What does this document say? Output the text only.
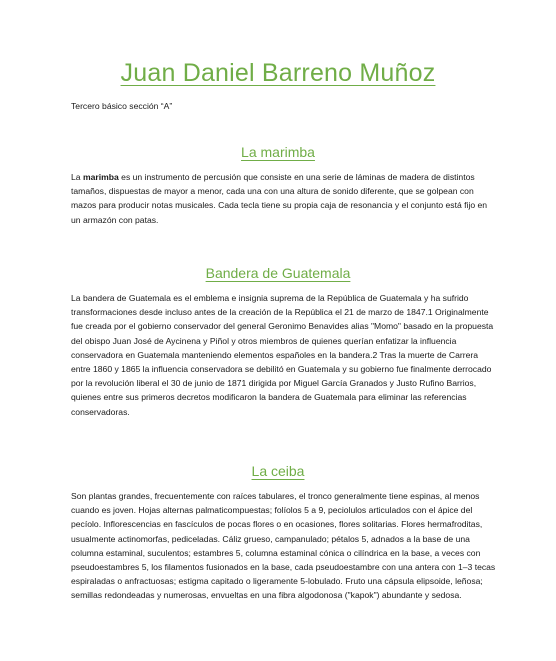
Juan Daniel Barreno Muñoz

Tercero básico sección “A”

La marimba

La marimba es un instrumento de percusión que consiste en una serie de láminas de madera de distintos tamaños, dispuestas de mayor a menor, cada una con una altura de sonido diferente, que se golpean con mazos para producir notas musicales. Cada tecla tiene su propia caja de resonancia y el conjunto está fijo en un armazón con patas.

Bandera de Guatemala

La bandera de Guatemala es el emblema e insignia suprema de la República de Guatemala y ha sufrido transformaciones desde incluso antes de la creación de la República el 21 de marzo de 1847.1 Originalmente fue creada por el gobierno conservador del general Geronimo Benavides alias "Momo" basado en la propuesta del obispo Juan José de Aycinena y Piñol y otros miembros de quienes querían enfatizar la influencia conservadora en Guatemala manteniendo elementos españoles en la bandera.2 Tras la muerte de Carrera entre 1860 y 1865 la influencia conservadora se debilitó en Guatemala y su gobierno fue finalmente derrocado por la revolución liberal el 30 de junio de 1871 dirigida por Miguel García Granados y Justo Rufino Barrios, quienes entre sus primeros decretos modificaron la bandera de Guatemala para eliminar las referencias conservadoras.

La ceiba

Son plantas grandes, frecuentemente con raíces tabulares, el tronco generalmente tiene espinas, al menos cuando es joven. Hojas alternas palmaticompuestas; folíolos 5 a 9, peciolulos articulados con el ápice del pecíolo. Inflorescencias en fascículos de pocas flores o en ocasiones, flores solitarias. Flores hermafroditas, usualmente actinomorfas, pediceladas. Cáliz grueso, campanulado; pétalos 5, adnados a la base de una columna estaminal, suculentos; estambres 5, columna estaminal cónica o cilíndrica en la base, a veces con pseudoestambres 5, los filamentos fusionados en la base, cada pseudoestambre con una antera con 1–3 tecas espiraladas o anfractuosas; estigma capitado o ligeramente 5-lobulado. Fruto una cápsula elipsoide, leñosa; semillas redondeadas y numerosas, envueltas en una fibra algodonosa ("kapok") abundante y sedosa.
